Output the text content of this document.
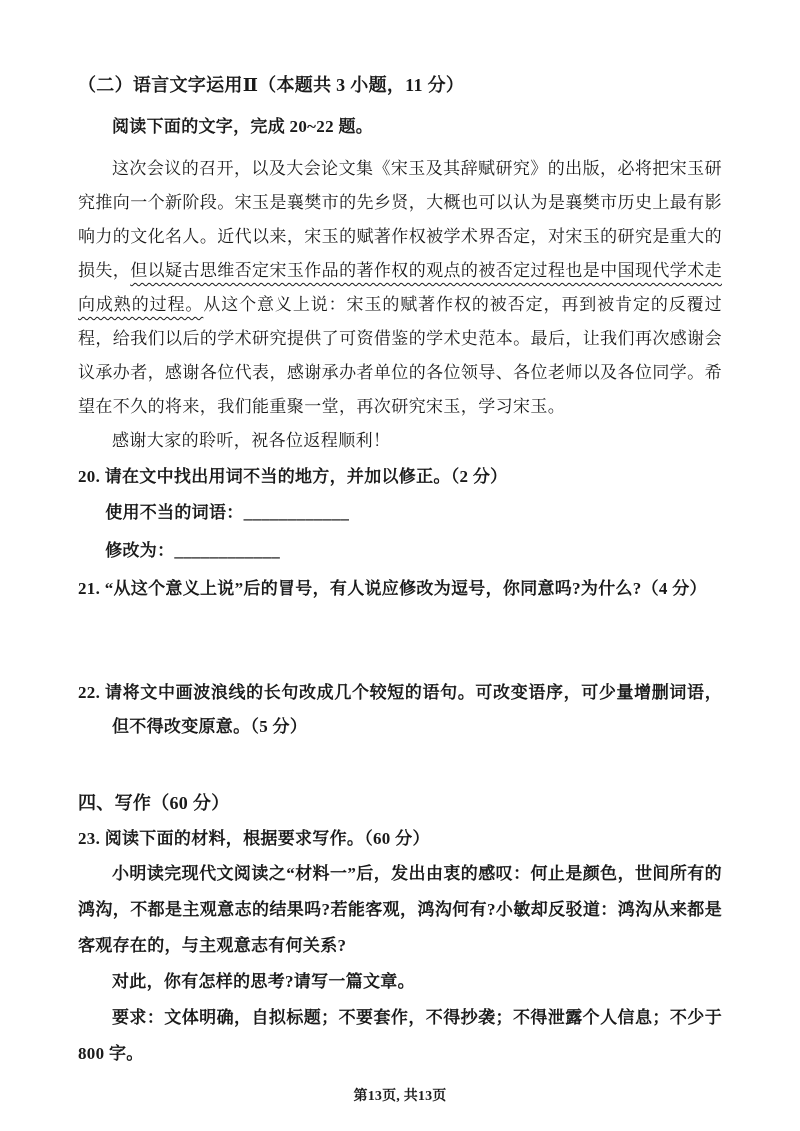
（二）语言文字运用Ⅱ（本题共 3 小题，11 分）

阅读下面的文字，完成 20~22 题。

这次会议的召开，以及大会论文集《宋玉及其辞赋研究》的出版，必将把宋玉研究推向一个新阶段。宋玉是襄樊市的先乡贤，大概也可以认为是襄樊市历史上最有影响力的文化名人。近代以来，宋玉的赋著作权被学术界否定，对宋玉的研究是重大的损失，但以疑古思维否定宋玉作品的著作权的观点的被否定过程也是中国现代学术走向成熟的过程。从这个意义上说：宋玉的赋著作权的被否定，再到被肯定的反覆过程，给我们以后的学术研究提供了可资借鉴的学术史范本。最后，让我们再次感谢会议承办者，感谢各位代表，感谢承办者单位的各位领导、各位老师以及各位同学。希望在不久的将来，我们能重聚一堂，再次研究宋玉，学习宋玉。

感谢大家的聆听，祝各位返程顺利！

20. 请在文中找出用词不当的地方，并加以修正。（2 分）

使用不当的词语：____________

修改为：____________

21. “从这个意义上说”后的冒号，有人说应修改为逗号，你同意吗?为什么?（4 分）

22. 请将文中画波浪线的长句改成几个较短的语句。可改变语序，可少量增删词语，但不得改变原意。（5 分）

四、写作（60 分）

23. 阅读下面的材料，根据要求写作。（60 分）

小明读完现代文阅读之“材料一”后，发出由衷的感叹：何止是颜色，世间所有的鸿沟，不都是主观意志的结果吗?若能客观，鸿沟何有?小敏却反驳道：鸿沟从来都是客观存在的，与主观意志有何关系?

对此，你有怎样的思考?请写一篇文章。

要求：文体明确，自拟标题；不要套作，不得抄袭；不得泄露个人信息；不少于 800 字。

第13页, 共13页
